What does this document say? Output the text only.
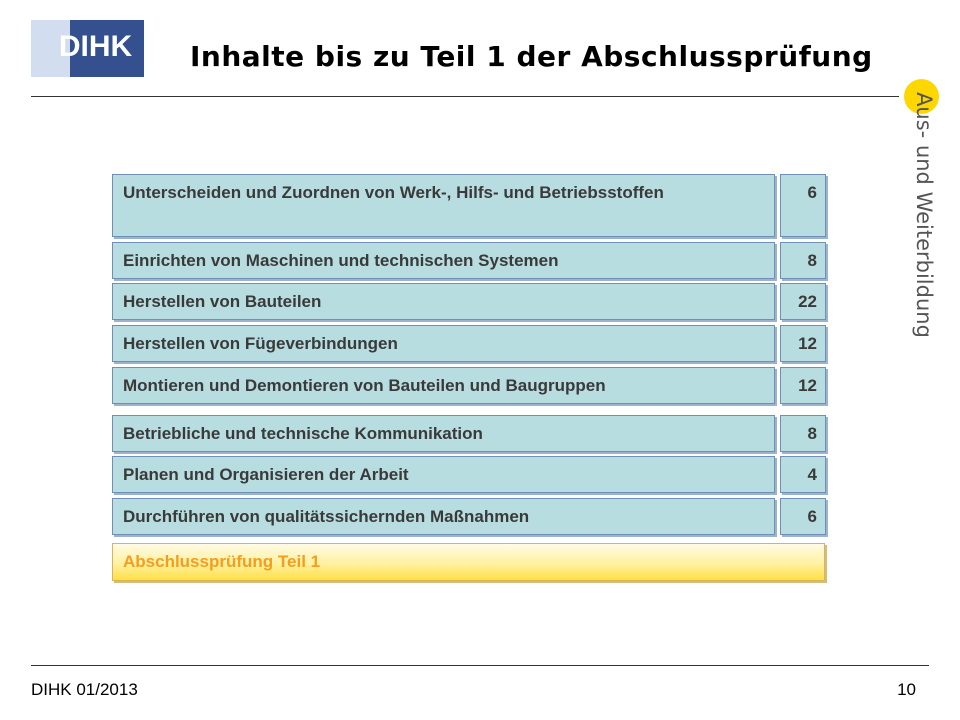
DIHK	Inhalte bis zu Teil 1 der Abschlussprüfung
Aus- und Weiterbildung
Unterscheiden und Zuordnen von Werk-, Hilfs- und Betriebsstoffen	6
Einrichten von Maschinen und technischen Systemen	8
Herstellen von Bauteilen	22
Herstellen von Fügeverbindungen	12
Montieren und Demontieren von Bauteilen und Baugruppen	12
Betriebliche und technische Kommunikation	8
Planen und Organisieren der Arbeit	4
Durchführen von qualitätssichernden Maßnahmen	6
Abschlussprüfung Teil 1
DIHK 01/2013	10
